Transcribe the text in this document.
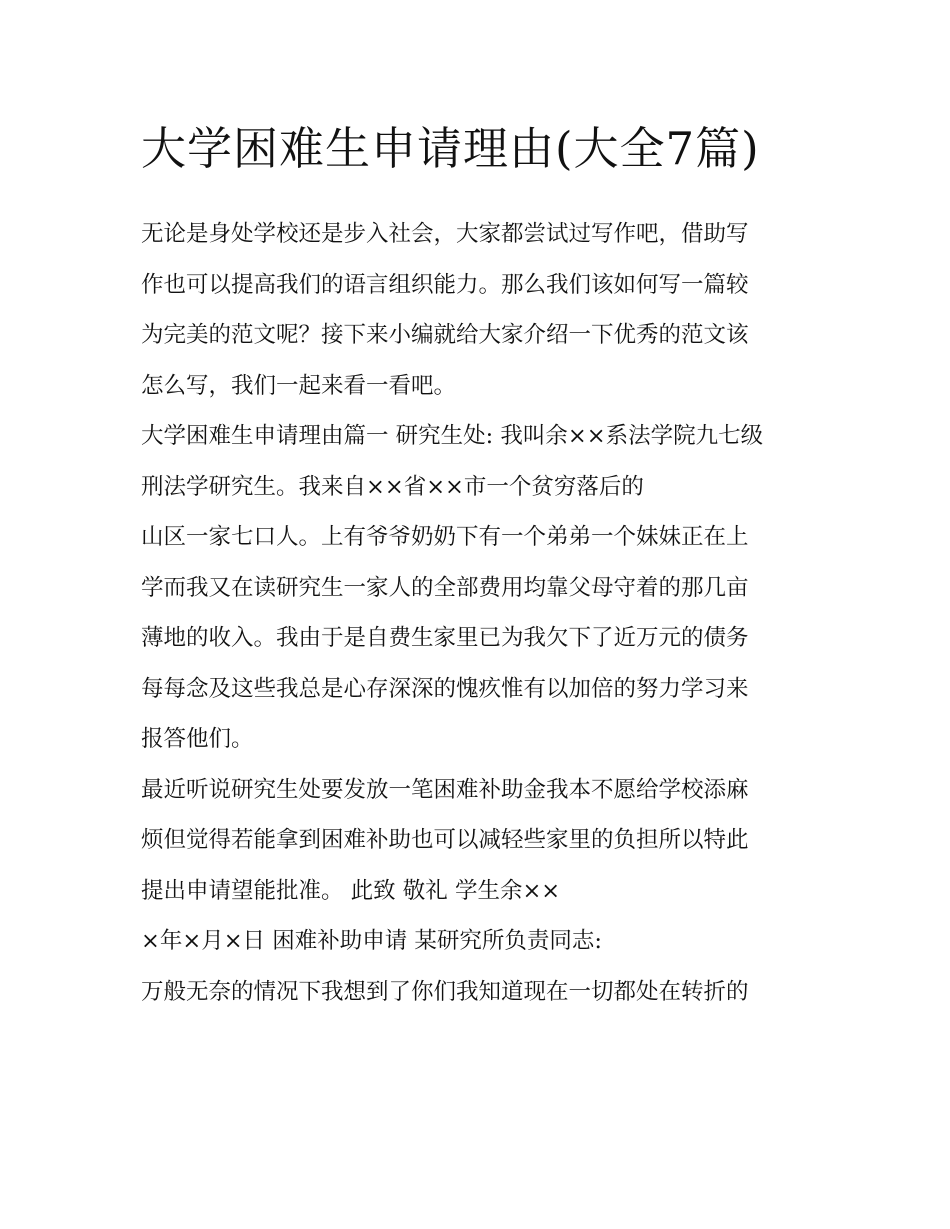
大学困难生申请理由(大全7篇)

无论是身处学校还是步入社会，大家都尝试过写作吧，借助写

作也可以提高我们的语言组织能力。那么我们该如何写一篇较

为完美的范文呢？接下来小编就给大家介绍一下优秀的范文该

怎么写，我们一起来看一看吧。

大学困难生申请理由篇一 研究生处: 我叫余××系法学院九七级

刑法学研究生。我来自××省××市一个贫穷落后的

山区一家七口人。上有爷爷奶奶下有一个弟弟一个妹妹正在上

学而我又在读研究生一家人的全部费用均靠父母守着的那几亩

薄地的收入。我由于是自费生家里已为我欠下了近万元的债务

每每念及这些我总是心存深深的愧疚惟有以加倍的努力学习来

报答他们。

最近听说研究生处要发放一笔困难补助金我本不愿给学校添麻

烦但觉得若能拿到困难补助也可以减轻些家里的负担所以特此

提出申请望能批准。 此致 敬礼 学生余××

×年×月×日 困难补助申请 某研究所负责同志:

万般无奈的情况下我想到了你们我知道现在一切都处在转折的
